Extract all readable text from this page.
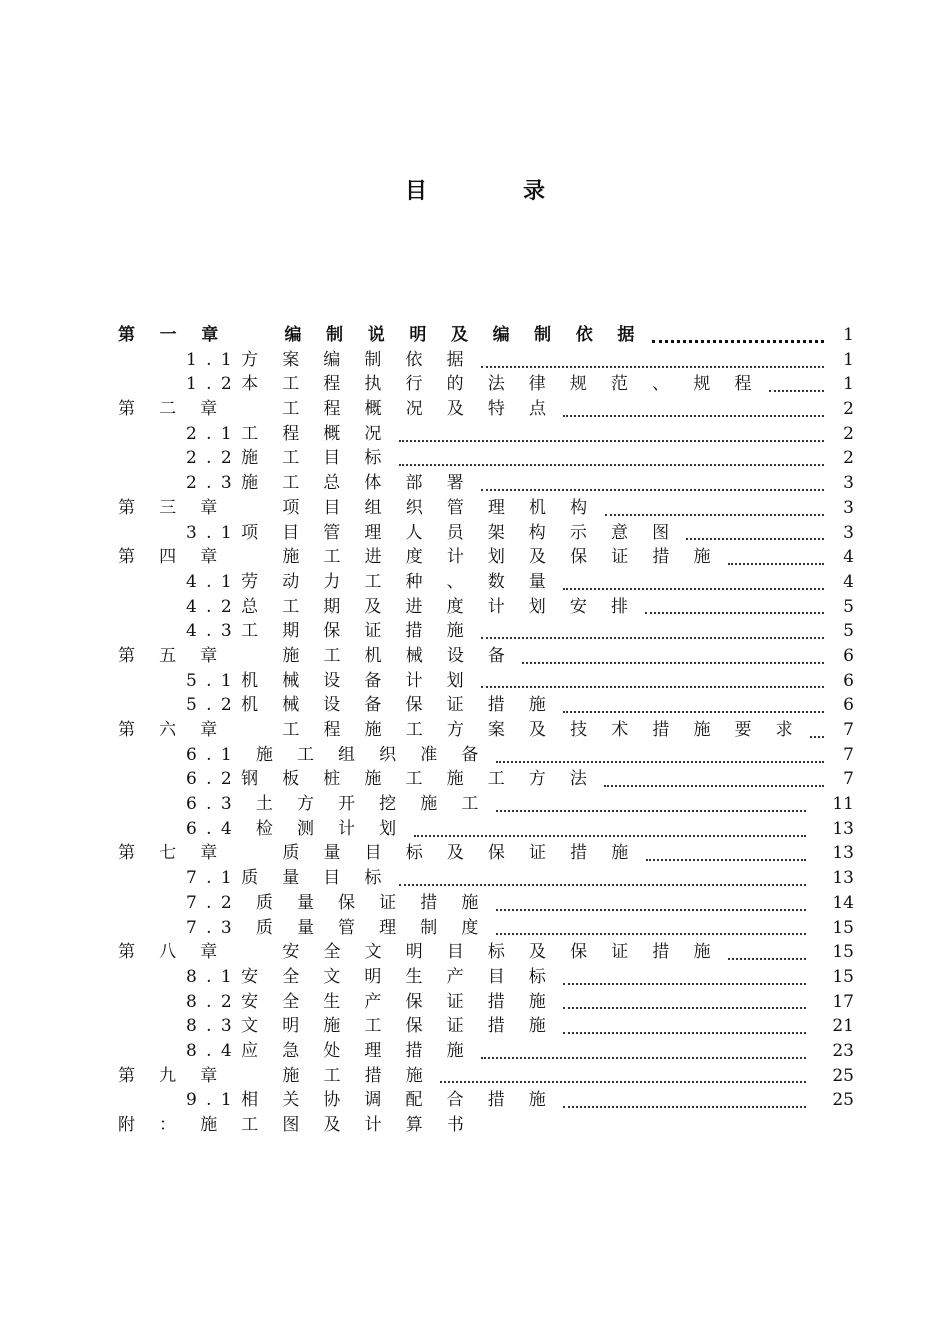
目	录
第 一 章 　 编 制 说 明 及 编 制 依 据	1
1.1方 案 编 制 依 据	1
1.2本 工 程 执 行 的 法 律 规 范 、 规 程	1
第 二 章 　 工 程 概 况 及 特 点	2
2.1工 程 概 况	2
2.2施 工 目 标	2
2.3施 工 总 体 部 署	3
第 三 章 　 项 目 组 织 管 理 机 构	3
3.1项 目 管 理 人 员 架 构 示 意 图	3
第 四 章 　 施 工 进 度 计 划 及 保 证 措 施	4
4.1劳 动 力 工 种 、 数 量	4
4.2总 工 期 及 进 度 计 划 安 排	5
4.3工 期 保 证 措 施	5
第 五 章 　 施 工 机 械 设 备	6
5.1机 械 设 备 计 划	6
5.2机 械 设 备 保 证 措 施	6
第 六 章 　 工 程 施 工 方 案 及 技 术 措 施 要 求	7
6.1 施 工 组 织 准 备	7
6.2钢 板 桩 施 工 施 工 方 法	7
6.3 土 方 开 挖 施 工	11
6.4 检 测 计 划	13
第 七 章 　 质 量 目 标 及 保 证 措 施	13
7.1质 量 目 标	13
7.2 质 量 保 证 措 施	14
7.3 质 量 管 理 制 度	15
第 八 章 　 安 全 文 明 目 标 及 保 证 措 施	15
8.1安 全 文 明 生 产 目 标	15
8.2安 全 生 产 保 证 措 施	17
8.3文 明 施 工 保 证 措 施	21
8.4应 急 处 理 措 施	23
第 九 章 　 施 工 措 施	25
9.1相 关 协 调 配 合 措 施	25
附 ： 施 工 图 及 计 算 书
